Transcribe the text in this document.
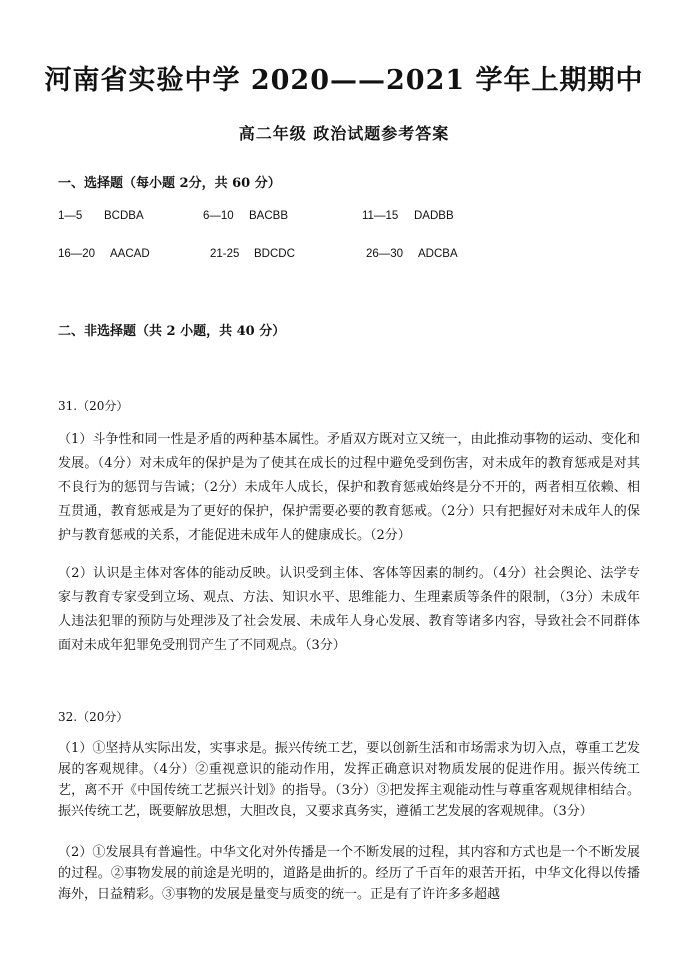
河南省实验中学 2020——2021 学年上期期中
高二年级 政治试题参考答案
一、选择题（每小题 2分，共 60 分）
1—5 BCDBA	6—10 BACBB	11—15 DADBB
16—20 AACAD	21-25 BDCDC	26—30 ADCBA
二、非选择题（共 2 小题，共 40 分）
31.（20分）
（1）斗争性和同一性是矛盾的两种基本属性。矛盾双方既对立又统一，由此推动事物的运动、变化和发展。（4分）对未成年的保护是为了使其在成长的过程中避免受到伤害，对未成年的教育惩戒是对其不良行为的惩罚与告诫；（2分）未成年人成长，保护和教育惩戒始终是分不开的，两者相互依赖、相互贯通，教育惩戒是为了更好的保护，保护需要必要的教育惩戒。（2分）只有把握好对未成年人的保护与教育惩戒的关系，才能促进未成年人的健康成长。（2分）
（2）认识是主体对客体的能动反映。认识受到主体、客体等因素的制约。（4分）社会舆论、法学专家与教育专家受到立场、观点、方法、知识水平、思维能力、生理素质等条件的限制，（3分）未成年人违法犯罪的预防与处理涉及了社会发展、未成年人身心发展、教育等诸多内容，导致社会不同群体面对未成年犯罪免受刑罚产生了不同观点。（3分）
32.（20分）
（1）①坚持从实际出发，实事求是。振兴传统工艺，要以创新生活和市场需求为切入点，尊重工艺发展的客观规律。（4分）②重视意识的能动作用，发挥正确意识对物质发展的促进作用。振兴传统工艺，离不开《中国传统工艺振兴计划》的指导。（3分）③把发挥主观能动性与尊重客观规律相结合。振兴传统工艺，既要解放思想，大胆改良，又要求真务实，遵循工艺发展的客观规律。（3分）
（2）①发展具有普遍性。中华文化对外传播是一个不断发展的过程，其内容和方式也是一个不断发展的过程。②事物发展的前途是光明的，道路是曲折的。经历了千百年的艰苦开拓，中华文化得以传播海外，日益精彩。③事物的发展是量变与质变的统一。正是有了许许多多超越
